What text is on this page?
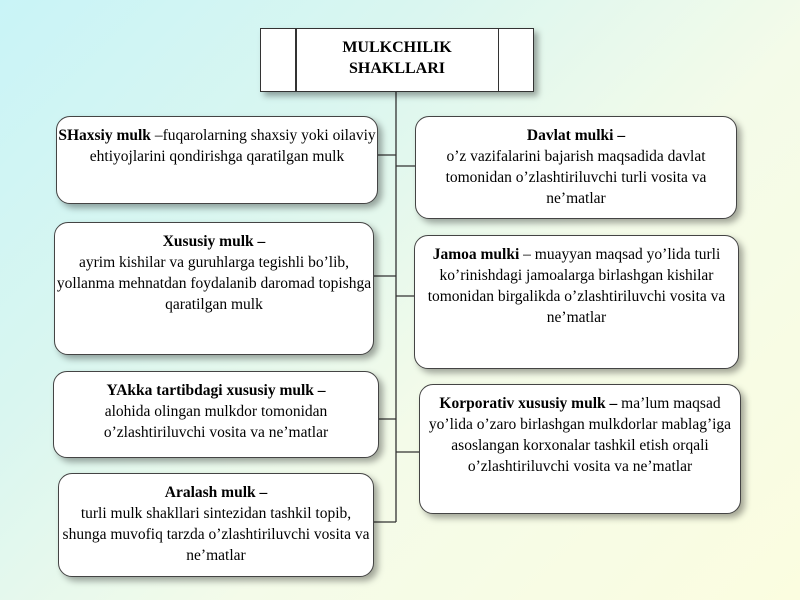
MULKCHILIK SHAKLLARI
SHaxsiy mulk –fuqarolarning shaxsiy yoki oilaviy ehtiyojlarini qondirishga qaratilgan mulk
Xususiy mulk –
ayrim kishilar va guruhlarga tegishli bo’lib, yollanma mehnatdan foydalanib daromad topishga qaratilgan mulk
YAkka tartibdagi xususiy mulk –
alohida olingan mulkdor tomonidan o’zlashtiriluvchi vosita va ne’matlar
Aralash mulk –
turli mulk shakllari sintezidan tashkil topib, shunga muvofiq tarzda o’zlashtiriluvchi vosita va ne’matlar
Davlat mulki –
o’z vazifalarini bajarish maqsadida davlat tomonidan o’zlashtiriluvchi turli vosita va ne’matlar
Jamoa mulki – muayyan maqsad yo’lida turli ko’rinishdagi jamoalarga birlashgan kishilar tomonidan birgalikda o’zlashtiriluvchi vosita va ne’matlar
Korporativ xususiy mulk – ma’lum maqsad yo’lida o’zaro birlashgan mulkdorlar mablag’iga asoslangan korxonalar tashkil etish orqali o’zlashtiriluvchi vosita va ne’matlar
